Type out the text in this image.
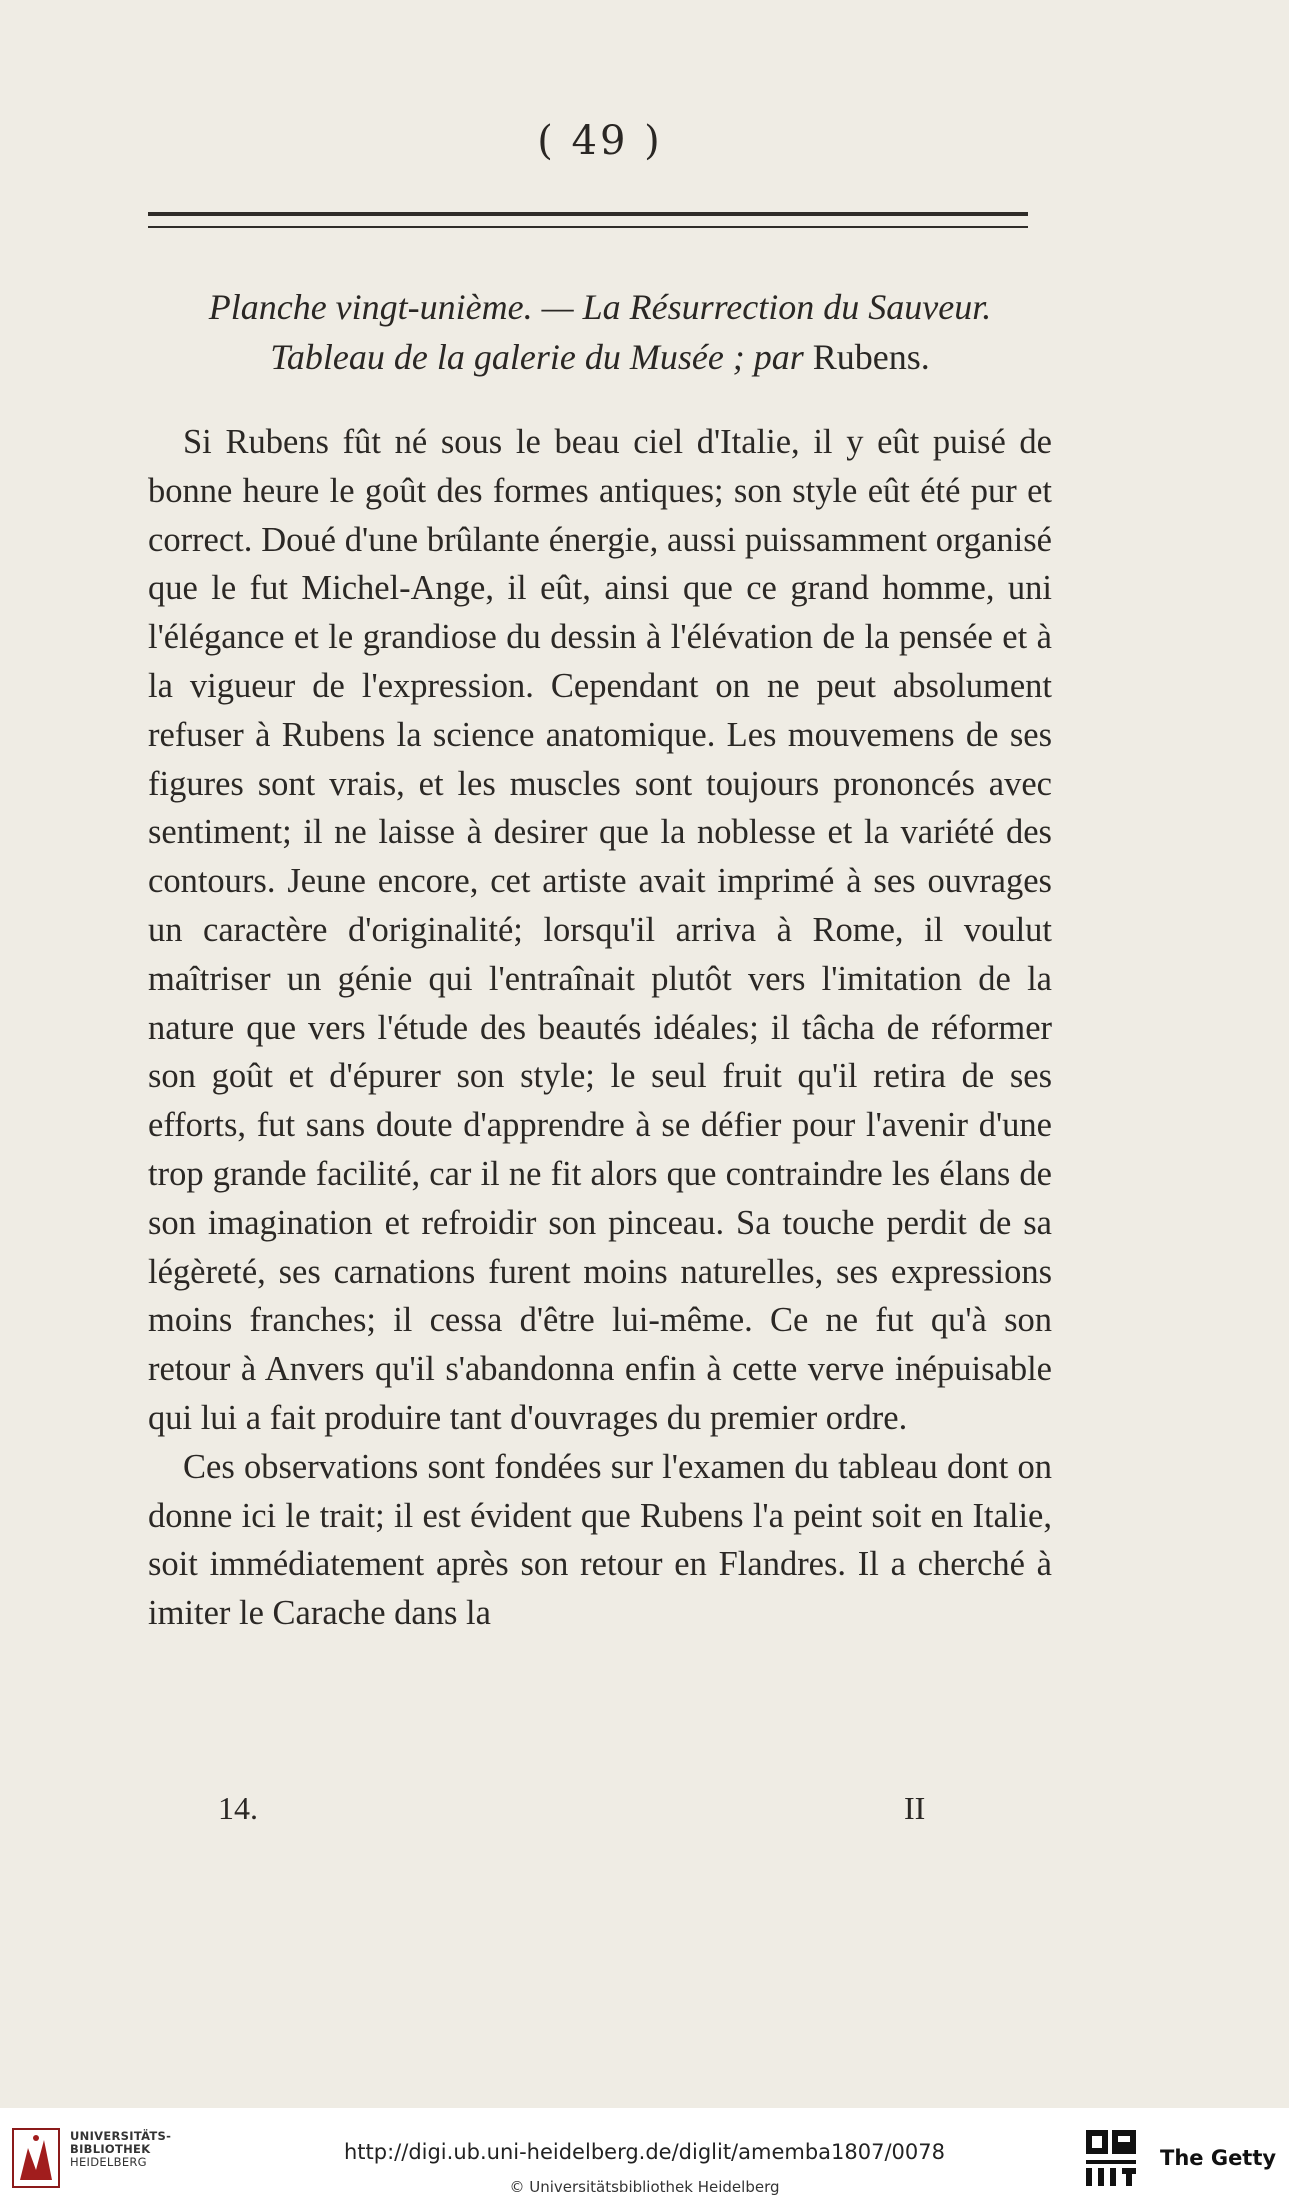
( 49 )
Planche vingt-unième. — La Résurrection du Sauveur.
Tableau de la galerie du Musée ; par Rubens.

Si Rubens fût né sous le beau ciel d'Italie, il y eût puisé de bonne heure le goût des formes antiques; son style eût été pur et correct. Doué d'une brûlante énergie, aussi puissamment organisé que le fut Michel-Ange, il eût, ainsi que ce grand homme, uni l'élégance et le grandiose du dessin à l'élévation de la pensée et à la vigueur de l'expression. Cependant on ne peut absolument refuser à Rubens la science anatomique. Les mouvemens de ses figures sont vrais, et les muscles sont toujours prononcés avec sentiment; il ne laisse à desirer que la noblesse et la variété des contours. Jeune encore, cet artiste avait imprimé à ses ouvrages un caractère d'originalité; lorsqu'il arriva à Rome, il voulut maîtriser un génie qui l'entraînait plutôt vers l'imitation de la nature que vers l'étude des beautés idéales; il tâcha de réformer son goût et d'épurer son style; le seul fruit qu'il retira de ses efforts, fut sans doute d'apprendre à se défier pour l'avenir d'une trop grande facilité, car il ne fit alors que contraindre les élans de son imagination et refroidir son pinceau. Sa touche perdit de sa légèreté, ses carnations furent moins naturelles, ses expressions moins franches; il cessa d'être lui-même. Ce ne fut qu'à son retour à Anvers qu'il s'abandonna enfin à cette verve inépuisable qui lui a fait produire tant d'ouvrages du premier ordre.

Ces observations sont fondées sur l'examen du tableau dont on donne ici le trait; il est évident que Rubens l'a peint soit en Italie, soit immédiatement après son retour en Flandres. Il a cherché à imiter le Carache dans la

14.	II
UNIVERSITÄTS-
BIBLIOTHEK
HEIDELBERG	http://digi.ub.uni-heidelberg.de/diglit/amemba1807/0078
© Universitätsbibliothek Heidelberg
The Getty
